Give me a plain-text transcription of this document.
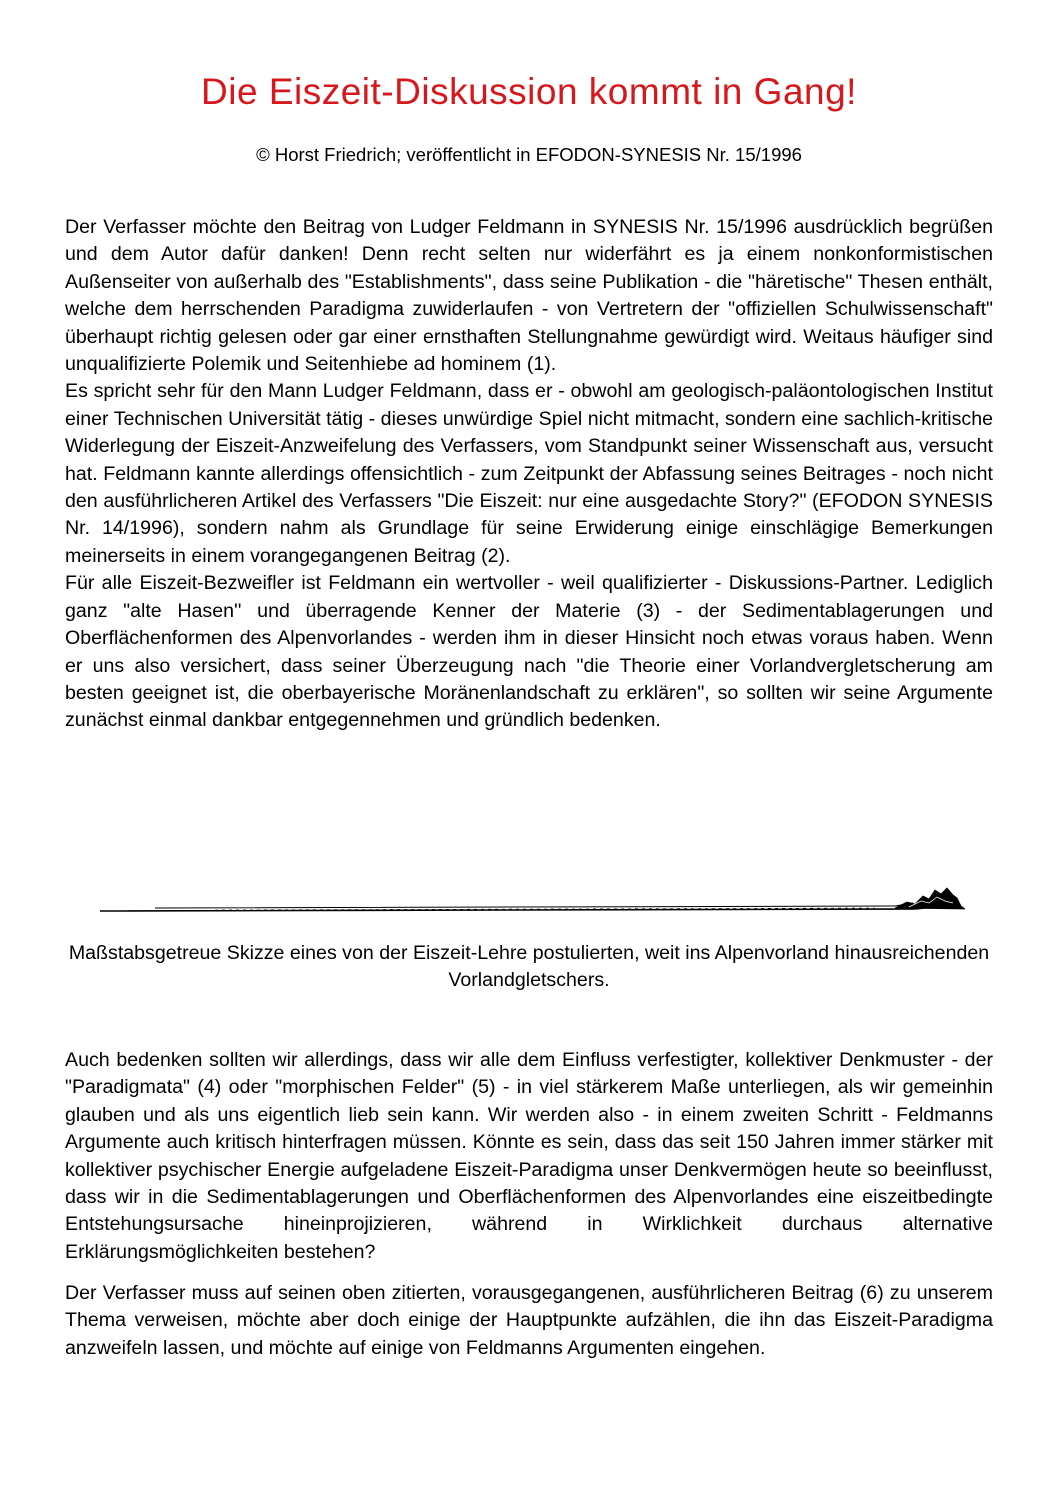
Die Eiszeit-Diskussion kommt in Gang!

© Horst Friedrich; veröffentlicht in EFODON-SYNESIS Nr. 15/1996

Der Verfasser möchte den Beitrag von Ludger Feldmann in SYNESIS Nr. 15/1996 ausdrücklich begrüßen und dem Autor dafür danken! Denn recht selten nur widerfährt es ja einem nonkonformistischen Außenseiter von außerhalb des "Establishments", dass seine Publikation - die "häretische" Thesen enthält, welche dem herrschenden Paradigma zuwiderlaufen - von Vertretern der "offiziellen Schulwissenschaft" überhaupt richtig gelesen oder gar einer ernsthaften Stellungnahme gewürdigt wird. Weitaus häufiger sind unqualifizierte Polemik und Seitenhiebe ad hominem (1).

Es spricht sehr für den Mann Ludger Feldmann, dass er - obwohl am geologisch-paläontologischen Institut einer Technischen Universität tätig - dieses unwürdige Spiel nicht mitmacht, sondern eine sachlich-kritische Widerlegung der Eiszeit-Anzweifelung des Verfassers, vom Standpunkt seiner Wissenschaft aus, versucht hat. Feldmann kannte allerdings offensichtlich - zum Zeitpunkt der Abfassung seines Beitrages - noch nicht den ausführlicheren Artikel des Verfassers "Die Eiszeit: nur eine ausgedachte Story?" (EFODON SYNESIS Nr. 14/1996), sondern nahm als Grundlage für seine Erwiderung einige einschlägige Bemerkungen meinerseits in einem vorangegangenen Beitrag (2).

Für alle Eiszeit-Bezweifler ist Feldmann ein wertvoller - weil qualifizierter - Diskussions-Partner. Lediglich ganz "alte Hasen'' und überragende Kenner der Materie (3) - der Sedimentablagerungen und Oberflächenformen des Alpenvorlandes - werden ihm in dieser Hinsicht noch etwas voraus haben. Wenn er uns also versichert, dass seiner Überzeugung nach "die Theorie einer Vorlandvergletscherung am besten geeignet ist, die oberbayerische Moränenlandschaft zu erklären", so sollten wir seine Argumente zunächst einmal dankbar entgegennehmen und gründlich bedenken.

Maßstabsgetreue Skizze eines von der Eiszeit-Lehre postulierten, weit ins Alpenvorland hinausreichenden Vorlandgletschers.

Auch bedenken sollten wir allerdings, dass wir alle dem Einfluss verfestigter, kollektiver Denkmuster - der "Paradigmata" (4) oder "morphischen Felder" (5) - in viel stärkerem Maße unterliegen, als wir gemeinhin glauben und als uns eigentlich lieb sein kann. Wir werden also - in einem zweiten Schritt - Feldmanns Argumente auch kritisch hinterfragen müssen. Könnte es sein, dass das seit 150 Jahren immer stärker mit kollektiver psychischer Energie aufgeladene Eiszeit-Paradigma unser Denkvermögen heute so beeinflusst, dass wir in die Sedimentablagerungen und Oberflächenformen des Alpenvorlandes eine eiszeitbedingte Entstehungsursache hineinprojizieren, während in Wirklichkeit durchaus alternative Erklärungsmöglichkeiten bestehen?

Der Verfasser muss auf seinen oben zitierten, vorausgegangenen, ausführlicheren Beitrag (6) zu unserem Thema verweisen, möchte aber doch einige der Hauptpunkte aufzählen, die ihn das Eiszeit-Paradigma anzweifeln lassen, und möchte auf einige von Feldmanns Argumenten eingehen.
